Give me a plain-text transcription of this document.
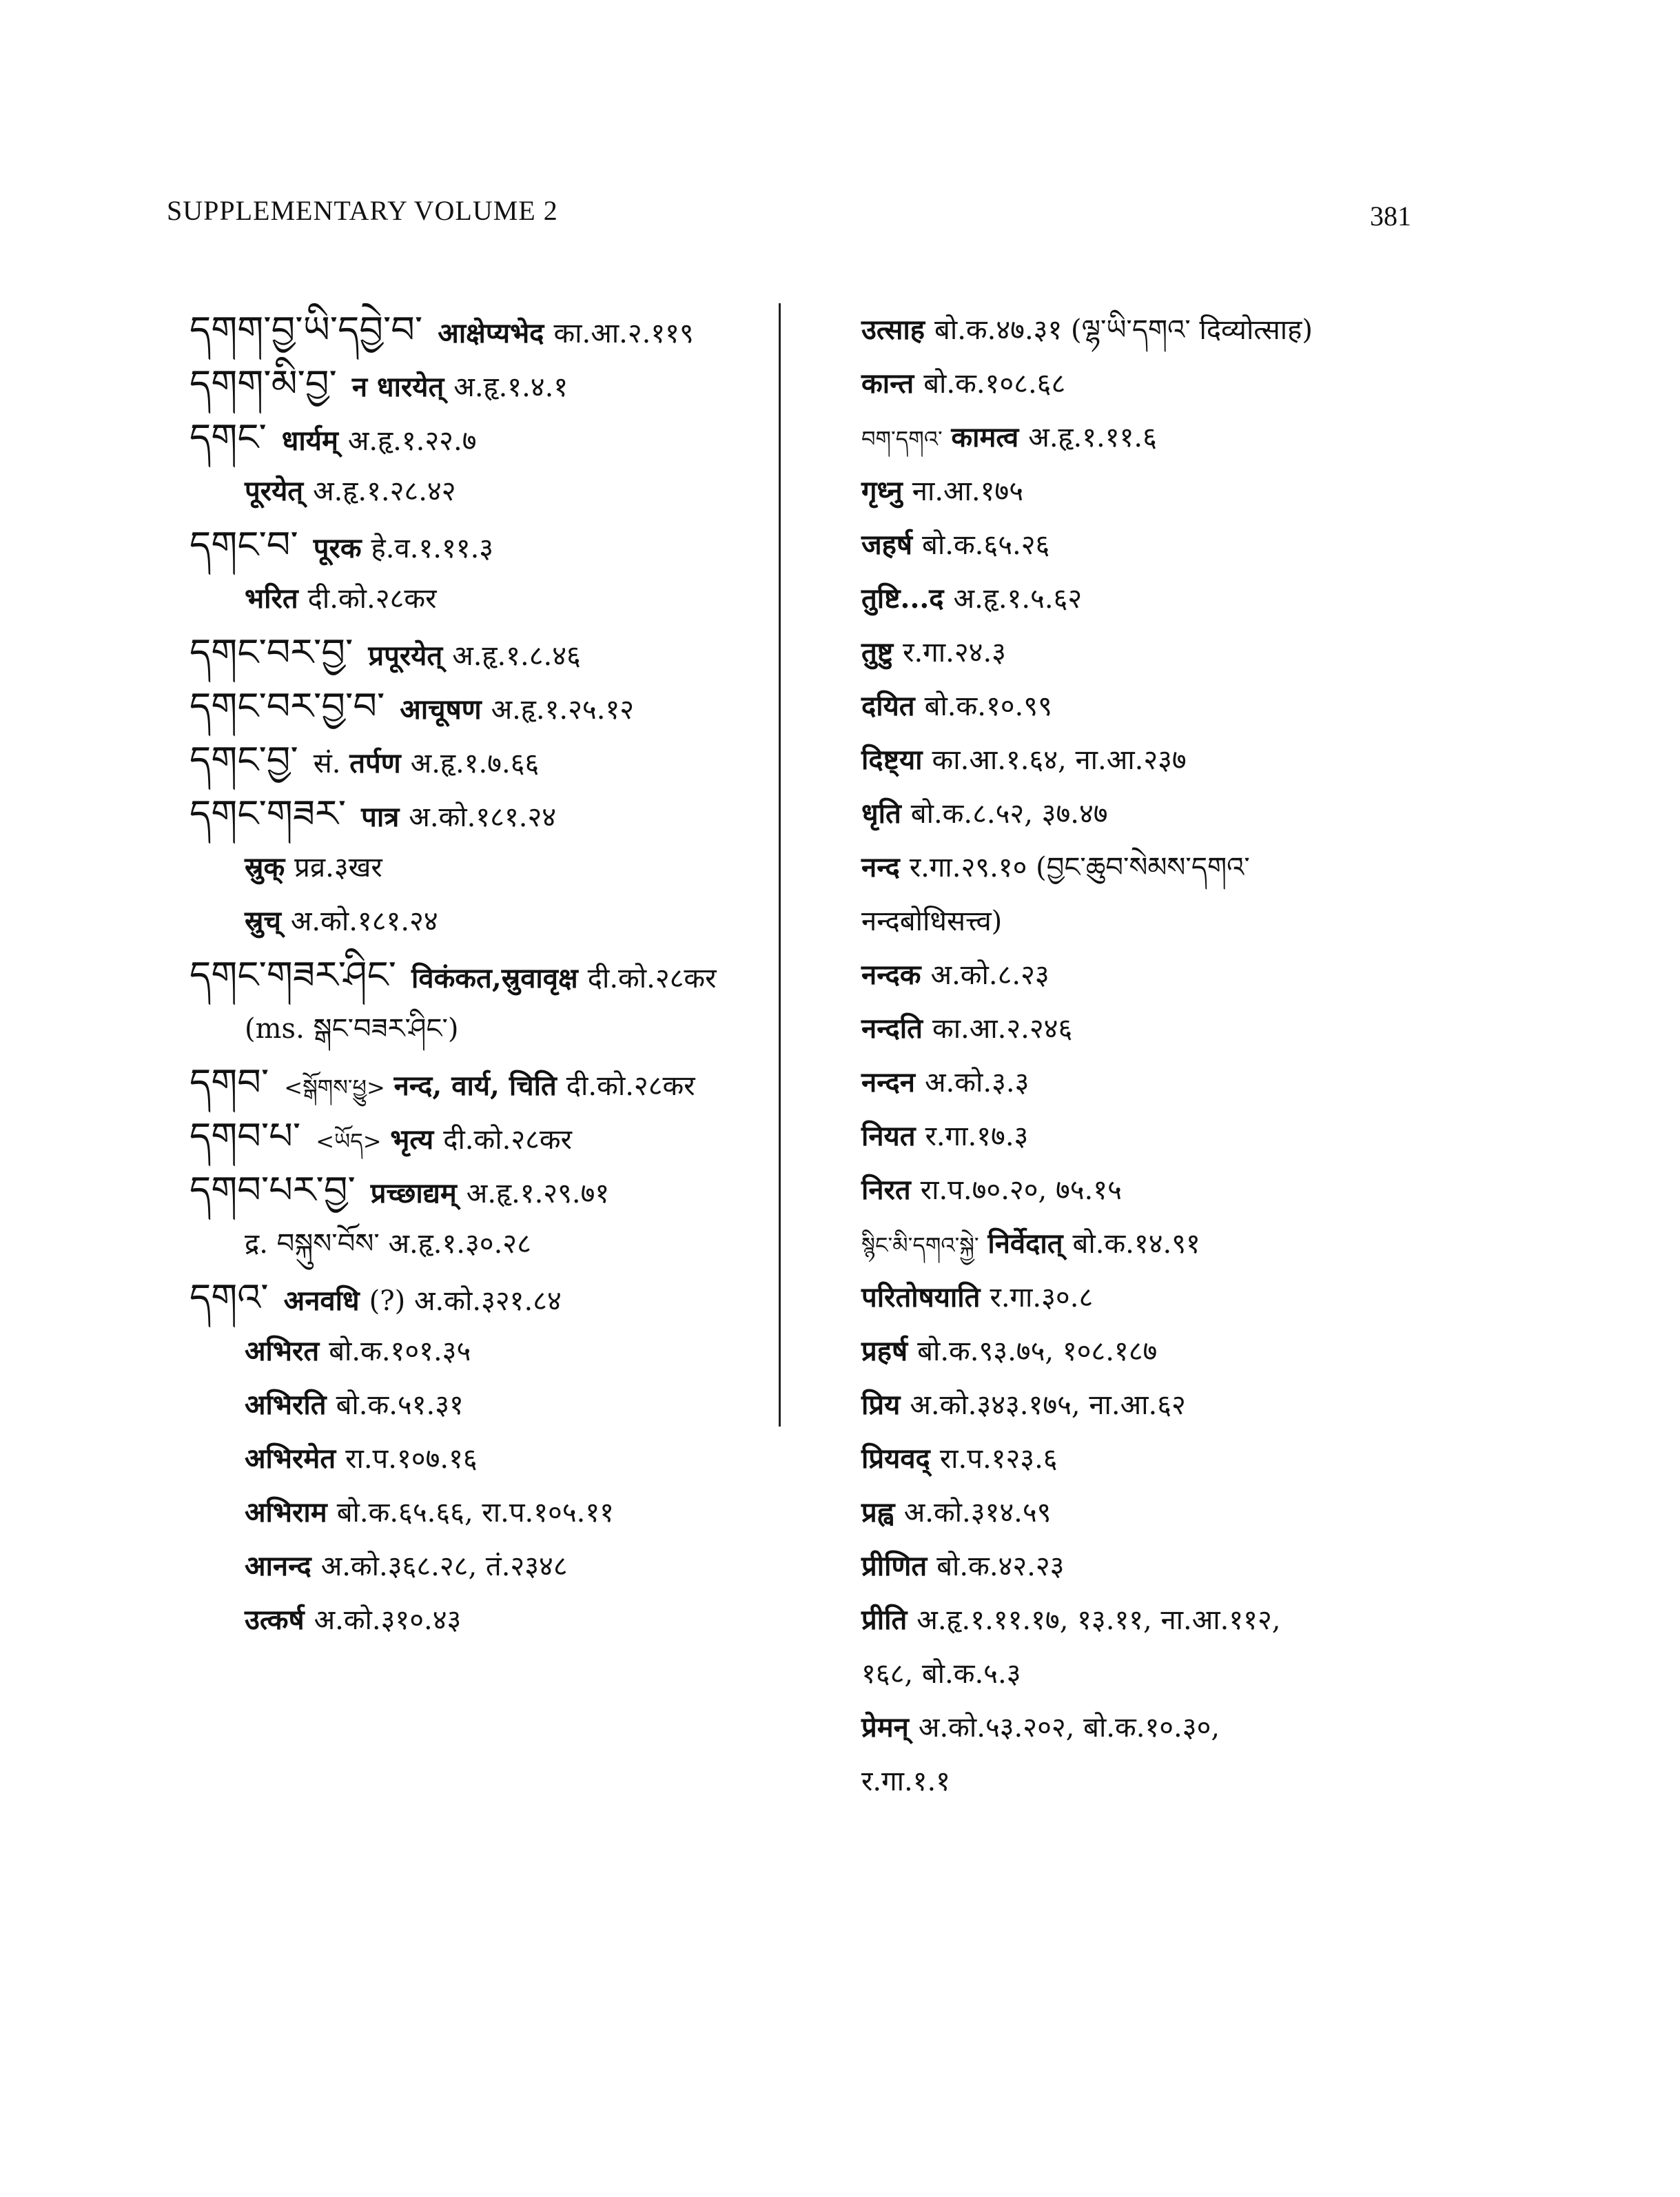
SUPPLEMENTARY VOLUME 2	381
དགག་བྱ་ཡི་དབྱེ་བ་ आक्षेप्यभेद का.आ.२.११९
དགག་མི་བྱ་ न धारयेत् अ.हृ.१.४.१
དགང་ धार्यम् अ.हृ.१.२२.७
पूरयेत् अ.हृ.१.२८.४२
དགང་བ་ पूरक हे.व.१.११.३
भरित दी.को.२८कर
དགང་བར་བྱ་ प्रपूरयेत् अ.हृ.१.८.४६
དགང་བར་བྱ་བ་ आचूषण अ.हृ.१.२५.१२
དགང་བྱ་ सं. तर्पण अ.हृ.१.७.६६
དགང་གཟར་ पात्र अ.को.१८१.२४
स्रुक् प्रव्र.३खर
स्रुच् अ.को.१८१.२४
དགང་གཟར་ཤིང་ विकंकत,स्रुवावृक्ष दी.को.२८कर
(ms. སྒང་བཟར་ཤིང་)
དགབ་ <སྒོགས་ཕྱུ> नन्द, वार्य, चिति दी.को.२८कर
དགབ་པ་ <ཡོད> भृत्य दी.को.२८कर
དགབ་པར་བྱ་ प्रच्छाद्यम् अ.हृ.१.२९.७१
द्र. བསྐུས་བོས་ अ.हृ.१.३०.२८
དགའ་ अनवधि (?) अ.को.३२१.८४
अभिरत बो.क.१०१.३५
अभिरति बो.क.५१.३१
अभिरमेत रा.प.१०७.१६
अभिराम बो.क.६५.६६, रा.प.१०५.११
आनन्द अ.को.३६८.२८, तं.२३४८
उत्कर्ष अ.को.३१०.४३
उत्साह बो.क.४७.३१ (ལྷ་ཡི་དགའ་ दिव्योत्साह)
कान्त बो.क.१०८.६८
བག་དགའ་ कामत्व अ.हृ.१.११.६
गृध्नु ना.आ.१७५
जहर्ष बो.क.६५.२६
तुष्टि...द अ.हृ.१.५.६२
तुष्टु र.गा.२४.३
दयित बो.क.१०.९९
दिष्ट्या का.आ.१.६४, ना.आ.२३७
धृति बो.क.८.५२, ३७.४७
नन्द र.गा.२९.१० (བྱང་ཆུབ་སེམས་དགའ་
नन्दबोधिसत्त्व)
नन्दक अ.को.८.२३
नन्दति का.आ.२.२४६
नन्दन अ.को.३.३
नियत र.गा.१७.३
निरत रा.प.७०.२०, ७५.१५
སྙིང་མི་དགའ་སྐྱེ་ निर्वेदात् बो.क.१४.९१
परितोषयाति र.गा.३०.८
प्रहर्ष बो.क.९३.७५, १०८.१८७
प्रिय अ.को.३४३.१७५, ना.आ.६२
प्रियवद् रा.प.१२३.६
प्रह्व अ.को.३१४.५९
प्रीणित बो.क.४२.२३
प्रीति अ.हृ.१.११.१७, १३.११, ना.आ.११२,
१६८, बो.क.५.३
प्रेमन् अ.को.५३.२०२, बो.क.१०.३०,
र.गा.१.१
